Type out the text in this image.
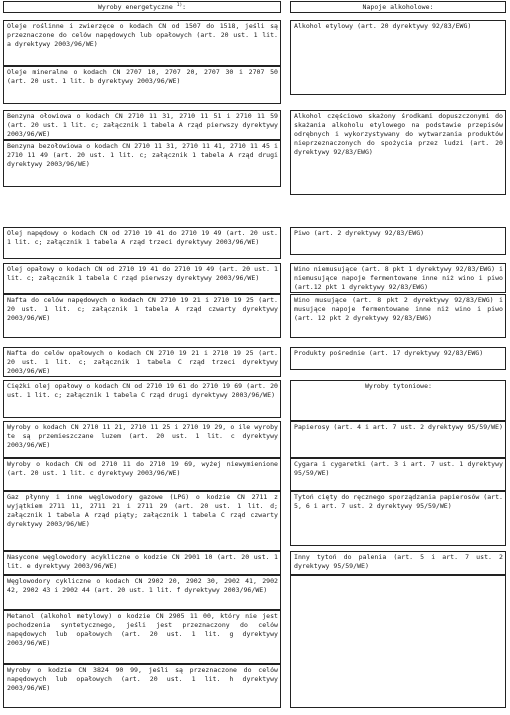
Wyroby energetyczne $^{1)}$:	Napoje alkoholowe:
Oleje roślinne i zwierzęce o kodach CN od 1507 do 1518, jeśli są przeznaczone do celów napędowych lub opałowych (art. 20 ust. 1 lit. a dyrektywy 2003/96/WE)
Oleje mineralne o kodach CN 2707 10, 2707 20, 2707 30 i 2707 50 (art. 20 ust. 1 lit. b dyrektywy 2003/96/WE)
Benzyna ołowiowa o kodach CN 2710 11 31, 2710 11 51 i 2710 11 59 (art. 20 ust. 1 lit. c; załącznik 1 tabela A rząd pierwszy dyrektywy 2003/96/WE)
Benzyna bezołowiowa o kodach CN 2710 11 31, 2710 11 41, 2710 11 45 i 2710 11 49 (art. 20 ust. 1 lit. c; załącznik 1 tabela A rząd drugi dyrektywy 2003/96/WE)
Olej napędowy o kodach CN od 2710 19 41 do 2710 19 49 (art. 20 ust. 1 lit. c; załącznik 1 tabela A rząd trzeci dyrektywy 2003/96/WE)
Olej opałowy o kodach CN od 2710 19 41 do 2710 19 49 (art. 20 ust. 1 lit. c; załącznik 1 tabela C rząd pierwszy dyrektywy 2003/96/WE)
Nafta do celów napędowych o kodach CN 2710 19 21 i 2710 19 25 (art. 20 ust. 1 lit. c; załącznik 1 tabela A rząd czwarty dyrektywy 2003/96/WE)
Nafta do celów opałowych o kodach CN 2710 19 21 i 2710 19 25 (art. 20 ust. 1 lit. c; załącznik 1 tabela C rząd trzeci dyrektywy 2003/96/WE)
Ciężki olej opałowy o kodach CN od 2710 19 61 do 2710 19 69 (art. 20 ust. 1 lit. c; załącznik 1 tabela C rząd drugi dyrektywy 2003/96/WE)
Wyroby o kodach CN 2710 11 21, 2710 11 25 i 2710 19 29, o ile wyroby te są przemieszczane luzem (art. 20 ust. 1 lit. c dyrektywy 2003/96/WE)
Wyroby o kodach CN od 2710 11 do 2710 19 69, wyżej niewymienione (art. 20 ust. 1 lit. c dyrektywy 2003/96/WE)
Gaz płynny i inne węglowodory gazowe (LPG) o kodzie CN 2711 z wyjątkiem 2711 11, 2711 21 i 2711 29 (art. 20 ust. 1 lit. d; załącznik 1 tabela A rząd piąty; załącznik 1 tabela C rząd czwarty dyrektywy 2003/96/WE)
Nasycone węglowodory acykliczne o kodzie CN 2901 10 (art. 20 ust. 1 lit. e dyrektywy 2003/96/WE)
Węglowodory cykliczne o kodach CN 2902 20, 2902 30, 2902 41, 2902 42, 2902 43 i 2902 44 (art. 20 ust. 1 lit. f dyrektywy 2003/96/WE)
Metanol (alkohol metylowy) o kodzie CN 2905 11 00, który nie jest pochodzenia syntetycznego, jeśli jest przeznaczony do celów napędowych lub opałowych (art. 20 ust. 1 lit. g dyrektywy 2003/96/WE)
Wyroby o kodzie CN 3824 90 99, jeśli są przeznaczone do celów napędowych lub opałowych (art. 20 ust. 1 lit. h dyrektywy 2003/96/WE)
Alkohol etylowy (art. 20 dyrektywy 92/83/EWG)
Alkohol częściowo skażony środkami dopuszczonymi do skażania alkoholu etylowego na podstawie przepisów odrębnych i wykorzystywany do wytwarzania produktów nieprzeznaczonych do spożycia przez ludzi (art. 20 dyrektywy 92/83/EWG)
Piwo (art. 2 dyrektywy 92/83/EWG)
Wino niemusujące (art. 8 pkt 1 dyrektywy 92/83/EWG) i niemusujące napoje fermentowane inne niż wino i piwo (art.12 pkt 1 dyrektywy 92/83/EWG)
Wino musujące (art. 8 pkt 2 dyrektywy 92/83/EWG) i musujące napoje fermentowane inne niż wino i piwo (art. 12 pkt 2 dyrektywy 92/83/EWG)
Produkty pośrednie (art. 17 dyrektywy 92/83/EWG)
Wyroby tytoniowe:
Papierosy (art. 4 i art. 7 ust. 2 dyrektywy 95/59/WE)
Cygara i cygaretki (art. 3 i art. 7 ust. 1 dyrektywy 95/59/WE)
Tytoń cięty do ręcznego sporządzania papierosów (art. 5, 6 i art. 7 ust. 2 dyrektywy 95/59/WE)
Inny tytoń do palenia (art. 5 i art. 7 ust. 2 dyrektywy 95/59/WE)
